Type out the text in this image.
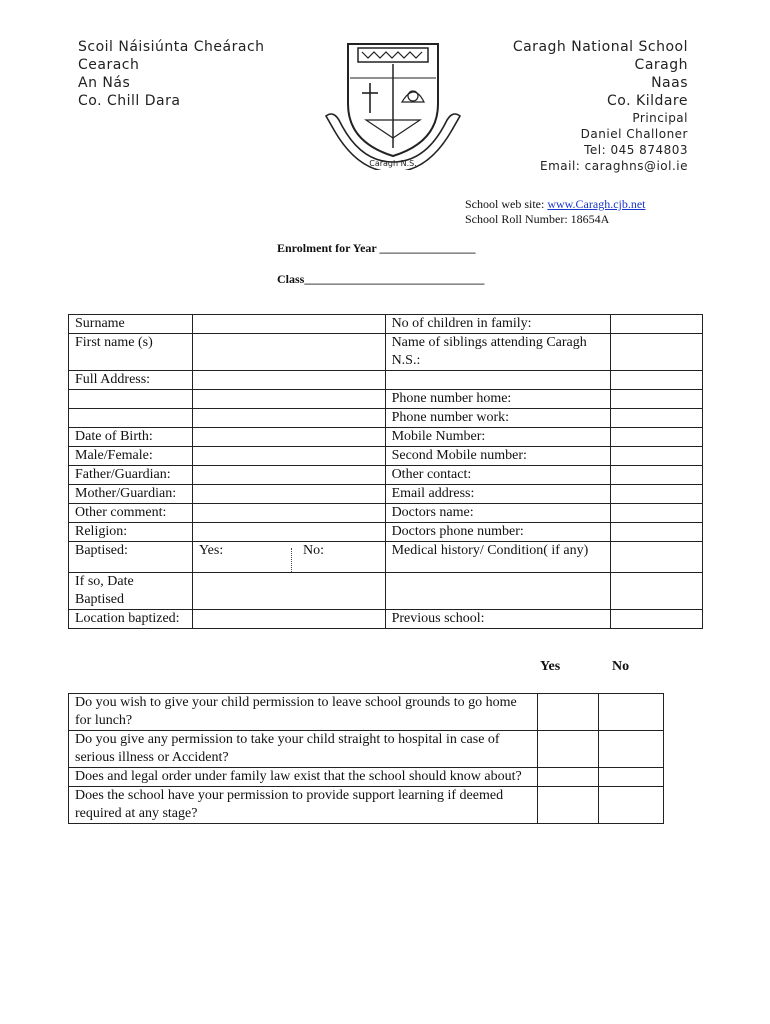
Scoil Náisiúnta Cheárach
Cearach
An Nás
Co. Chill Dara
Caragh N.S.
Caragh National School
Caragh
Naas
Co. Kildare
Principal
Daniel Challoner
Tel: 045 874803
Email: caraghns@iol.ie
School web site: www.Caragh.cjb.net
School Roll Number: 18654A
Enrolment for Year ________________
Class______________________________
Surname		No of children in family:	
First name (s)		Name of siblings attending Caragh N.S.:	
Full Address:			
		Phone number home:	
		Phone number work:	
Date of Birth:		Mobile Number:	
Male/Female:		Second Mobile number:	
Father/Guardian:		Other contact:	
Mother/Guardian:		Email address:	
Other comment:		Doctors name:	
Religion:		Doctors phone number:	
Baptised:	Yes: No:	Medical history/ Condition( if any)	
If so, Date Baptised			
Location baptized:		Previous school:	
Yes	No
Do you wish to give your child permission to leave school grounds to go home for lunch?		
Do you give any permission to take your child straight to hospital in case of serious illness or Accident?		
Does and legal order under family law exist that the school should know about?		
Does the school have your permission to provide support learning if deemed required at any stage?		
